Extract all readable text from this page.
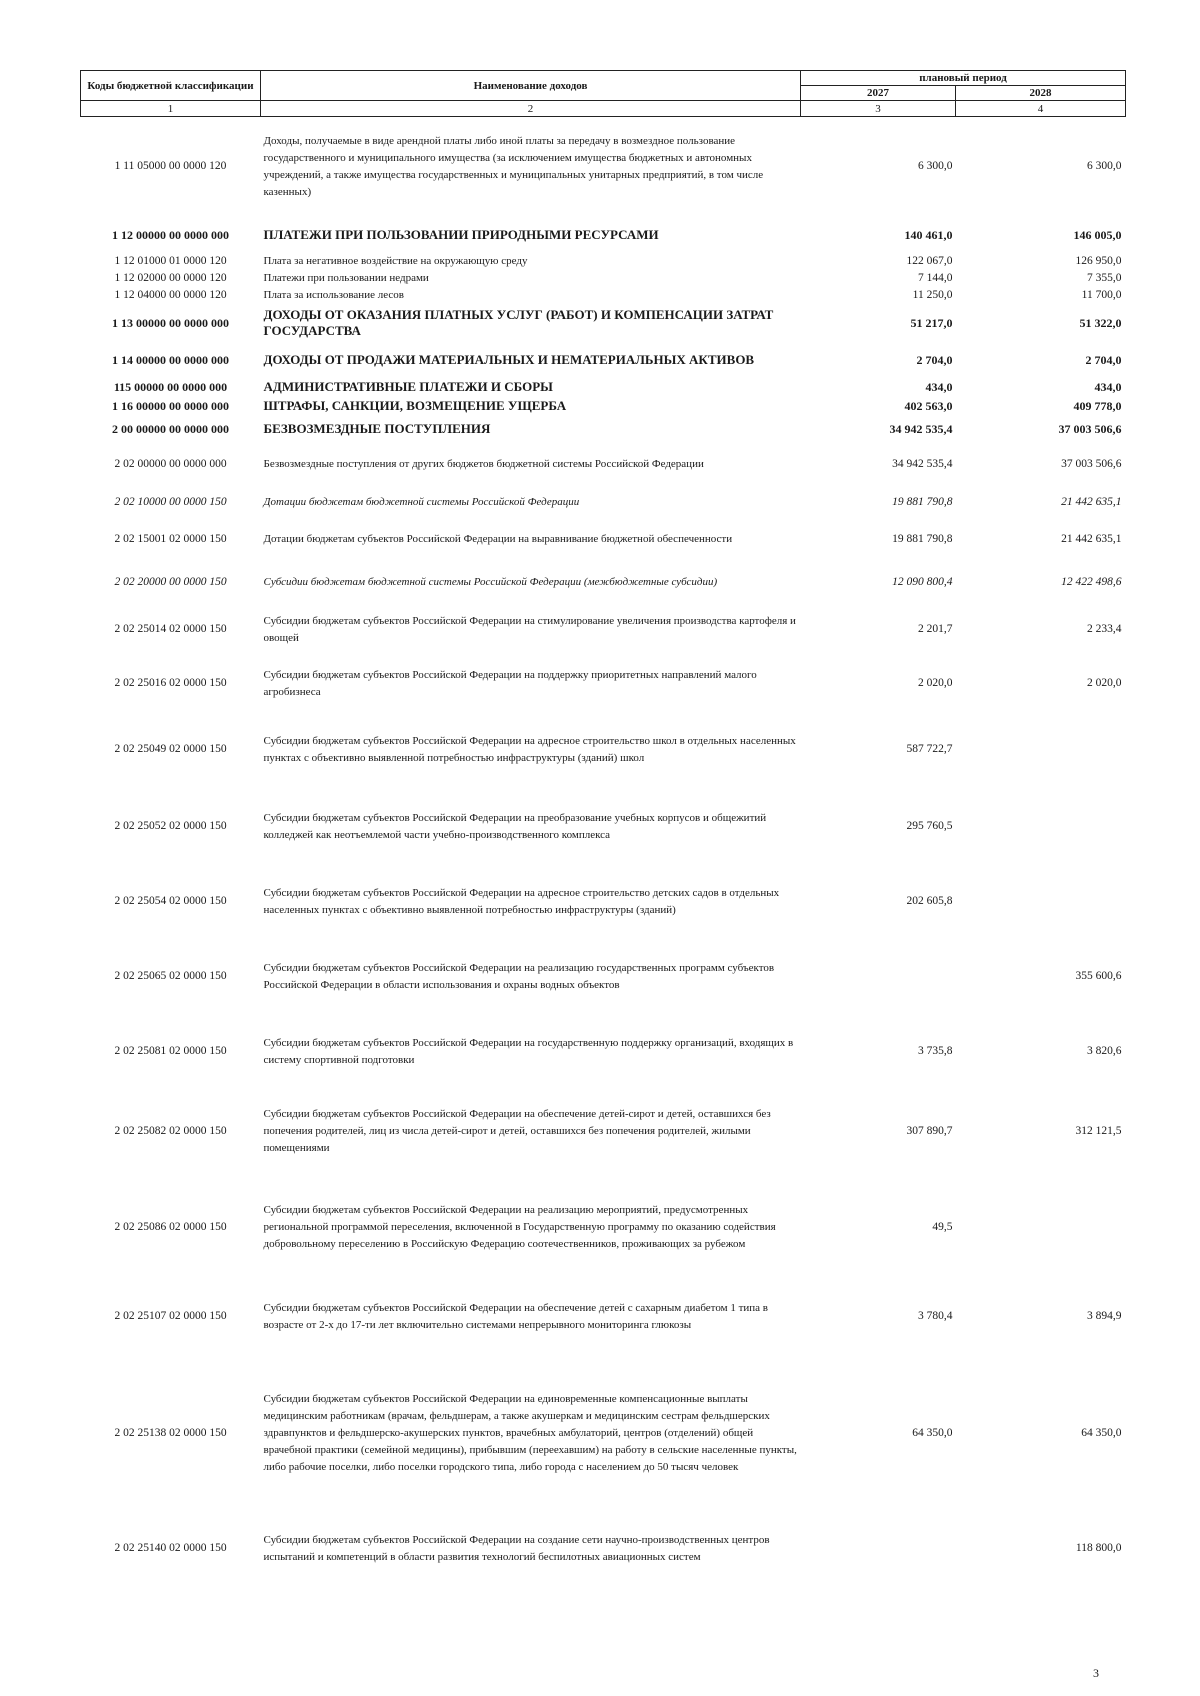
Коды бюджетной классификации	Наименование доходов	плановый период	
		2027	2028
1	2	3	4
1 11 05000 00 0000 120	Доходы, получаемые в виде арендной платы либо иной платы за передачу в возмездное пользование государственного и муниципального имущества (за исключением имущества бюджетных и автономных учреждений, а также имущества государственных и муниципальных унитарных предприятий, в том числе казенных)	6 300,0	6 300,0
1 12 00000 00 0000 000	ПЛАТЕЖИ ПРИ ПОЛЬЗОВАНИИ ПРИРОДНЫМИ РЕСУРСАМИ	140 461,0	146 005,0
1 12 01000 01 0000 120	Плата за негативное воздействие на окружающую среду	122 067,0	126 950,0
1 12 02000 00 0000 120	Платежи при пользовании недрами	7 144,0	7 355,0
1 12 04000 00 0000 120	Плата за использование лесов	11 250,0	11 700,0
1 13 00000 00 0000 000	ДОХОДЫ ОТ ОКАЗАНИЯ ПЛАТНЫХ УСЛУГ (РАБОТ) И КОМПЕНСАЦИИ ЗАТРАТ ГОСУДАРСТВА	51 217,0	51 322,0
1 14 00000 00 0000 000	ДОХОДЫ ОТ ПРОДАЖИ МАТЕРИАЛЬНЫХ И НЕМАТЕРИАЛЬНЫХ АКТИВОВ	2 704,0	2 704,0
115 00000 00 0000 000	АДМИНИСТРАТИВНЫЕ ПЛАТЕЖИ И СБОРЫ	434,0	434,0
1 16 00000 00 0000 000	ШТРАФЫ, САНКЦИИ, ВОЗМЕЩЕНИЕ УЩЕРБА	402 563,0	409 778,0
2 00 00000 00 0000 000	БЕЗВОЗМЕЗДНЫЕ ПОСТУПЛЕНИЯ	34 942 535,4	37 003 506,6
2 02 00000 00 0000 000	Безвозмездные поступления от других бюджетов бюджетной системы Российской Федерации	34 942 535,4	37 003 506,6
2 02 10000 00 0000 150	Дотации бюджетам бюджетной системы Российской Федерации	19 881 790,8	21 442 635,1
2 02 15001 02 0000 150	Дотации бюджетам субъектов Российской Федерации на выравнивание бюджетной обеспеченности	19 881 790,8	21 442 635,1
2 02 20000 00 0000 150	Субсидии бюджетам бюджетной системы Российской Федерации (межбюджетные субсидии)	12 090 800,4	12 422 498,6
2 02 25014 02 0000 150	Субсидии бюджетам субъектов Российской Федерации на стимулирование увеличения производства картофеля и овощей	2 201,7	2 233,4
2 02 25016 02 0000 150	Субсидии бюджетам субъектов Российской Федерации на поддержку приоритетных направлений малого агробизнеса	2 020,0	2 020,0
2 02 25049 02 0000 150	Субсидии бюджетам субъектов Российской Федерации на адресное строительство школ в отдельных населенных пунктах с объективно выявленной потребностью инфраструктуры (зданий) школ	587 722,7	
2 02 25052 02 0000 150	Субсидии бюджетам субъектов Российской Федерации на преобразование учебных корпусов и общежитий колледжей как неотъемлемой части учебно-производственного комплекса	295 760,5	
2 02 25054 02 0000 150	Субсидии бюджетам субъектов Российской Федерации на адресное строительство детских садов в отдельных населенных пунктах с объективно выявленной потребностью инфраструктуры (зданий)	202 605,8	
2 02 25065 02 0000 150	Субсидии бюджетам субъектов Российской Федерации на реализацию государственных программ субъектов Российской Федерации в области использования и охраны водных объектов		355 600,6
2 02 25081 02 0000 150	Субсидии бюджетам субъектов Российской Федерации на государственную поддержку организаций, входящих в систему спортивной подготовки	3 735,8	3 820,6
2 02 25082 02 0000 150	Субсидии бюджетам субъектов Российской Федерации на обеспечение детей-сирот и детей, оставшихся без попечения родителей, лиц из числа детей-сирот и детей, оставшихся без попечения родителей, жилыми помещениями	307 890,7	312 121,5
2 02 25086 02 0000 150	Субсидии бюджетам субъектов Российской Федерации на реализацию мероприятий, предусмотренных региональной программой переселения, включенной в Государственную программу по оказанию содействия добровольному переселению в Российскую Федерацию соотечественников, проживающих за рубежом	49,5	
2 02 25107 02 0000 150	Субсидии бюджетам субъектов Российской Федерации на обеспечение детей с сахарным диабетом 1 типа в возрасте от 2-х до 17-ти лет включительно системами непрерывного мониторинга глюкозы	3 780,4	3 894,9
2 02 25138 02 0000 150	Субсидии бюджетам субъектов Российской Федерации на единовременные компенсационные выплаты медицинским работникам (врачам, фельдшерам, а также акушеркам и медицинским сестрам фельдшерских здравпунктов и фельдшерско-акушерских пунктов, врачебных амбулаторий, центров (отделений) общей врачебной практики (семейной медицины), прибывшим (переехавшим) на работу в сельские населенные пункты, либо рабочие поселки, либо поселки городского типа, либо города с населением до 50 тысяч человек	64 350,0	64 350,0
2 02 25140 02 0000 150	Субсидии бюджетам субъектов Российской Федерации на создание сети научно-производственных центров испытаний и компетенций в области развития технологий беспилотных авиационных систем		118 800,0
3
